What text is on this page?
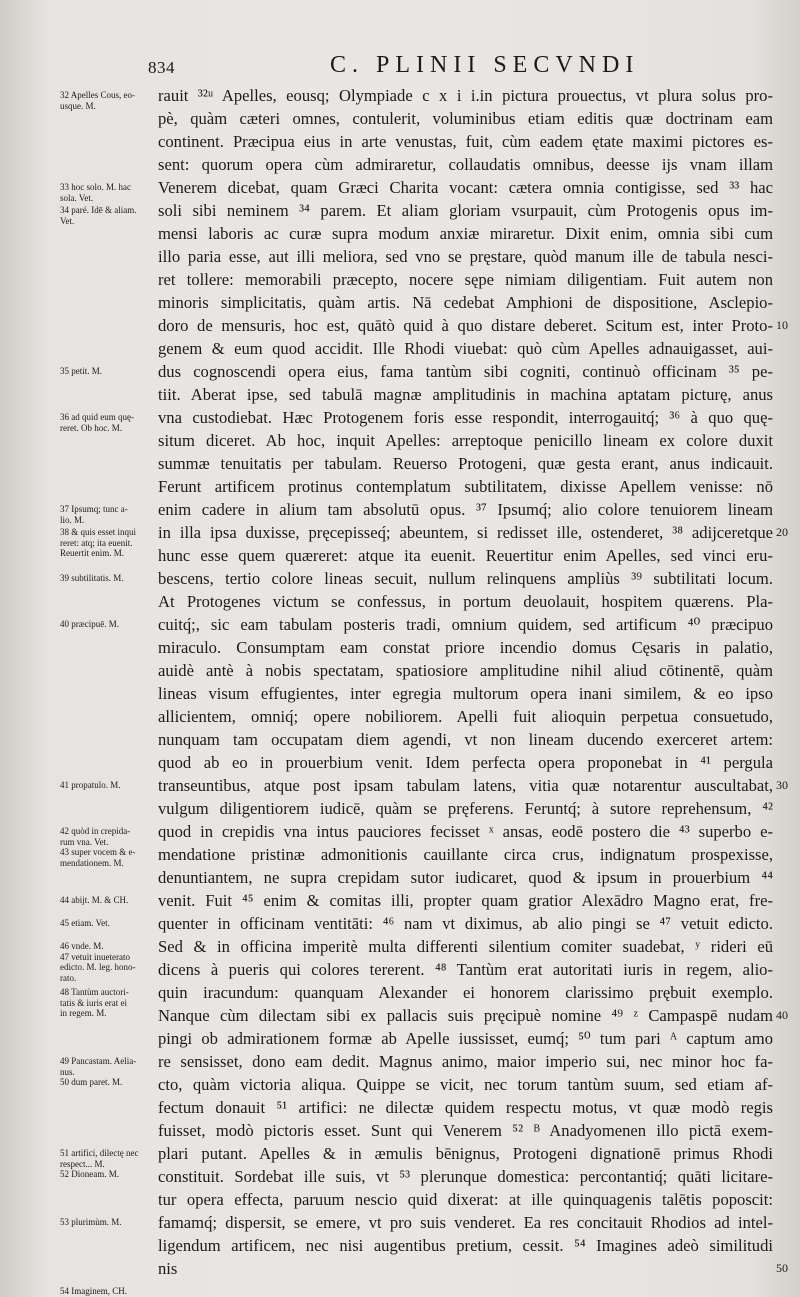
834	C. PLINII SECVNDI
32 Apelles Cous, eo-
usque. M.
33 hoc solo. M. hac
sola. Vet.
34 paré. Idē & aliam.
Vet.
35 petit. M.
36 ad quid eum quę-
reret. Ob hoc. M.
37 Ipsumq; tunc a-
lio. M.
38 & quis esset inqui
reret: atq; ita euenit.
Reuertit enim. M.
39 subtilitatis. M.
40 præcipuē. M.
41 propatulo. M.
42 quòd in crepida-
rum vna. Vet.
43 super vocem & e-
mendationem. M.
44 abijt. M. & CH.
45 etiam. Vet.
46 vnde. M.
47 vetuit inueterato
edicto. M. leg. hono-
rato.
48 Tantùm auctori-
tatis & iuris erat ei
in regem. M.
49 Pancastam. Aelia-
nus.
50 dum paret. M.
51 artifici, dilectę nec
respect... M.
52 Dioneam. M.
53 plurimùm. M.
54 Imaginem, CH.
rauit ³²ᵘ Apelles, eousq; Olympiade c x i i.in pictura prouectus, vt plura solus pro-
pè, quàm cæteri omnes, contulerit, voluminibus etiam editis quæ doctrinam eam
continent. Præcipua eius in arte venustas, fuit, cùm eadem ętate maximi pictores es-
sent: quorum opera cùm admiraretur, collaudatis omnibus, deesse ijs vnam illam
Venerem dicebat, quam Græci Charita vocant: cætera omnia contigisse, sed ³³ hac
soli sibi neminem ³⁴ parem. Et aliam gloriam vsurpauit, cùm Protogenis opus im-
mensi laboris ac curæ supra modum anxiæ miraretur. Dixit enim, omnia sibi cum
illo paria esse, aut illi meliora, sed vno se pręstare, quòd manum ille de tabula nesci-
ret tollere: memorabili præcepto, nocere sępe nimiam diligentiam. Fuit autem non
minoris simplicitatis, quàm artis. Nā cedebat Amphioni de dispositione, Asclepio-
doro de mensuris, hoc est, quātò quid à quo distare deberet. Scitum est, inter Proto-
genem & eum quod accidit. Ille Rhodi viuebat: quò cùm Apelles adnauigasset, aui-
dus cognoscendi opera eius, fama tantùm sibi cogniti, continuò officinam ³⁵ pe-
tiit. Aberat ipse, sed tabulā magnæ amplitudinis in machina aptatam picturę, anus
vna custodiebat. Hæc Protogenem foris esse respondit, interrogauitq́; ³⁶ à quo quę-
situm diceret. Ab hoc, inquit Apelles: arreptoque penicillo lineam ex colore duxit
summæ tenuitatis per tabulam. Reuerso Protogeni, quæ gesta erant, anus indicauit.
Ferunt artificem protinus contemplatum subtilitatem, dixisse Apellem venisse: nō
enim cadere in alium tam absolutū opus. ³⁷ Ipsumq́; alio colore tenuiorem lineam
in illa ipsa duxisse, pręcepisseq́; abeuntem, si redisset ille, ostenderet, ³⁸ adijceretque
hunc esse quem quæreret: atque ita euenit. Reuertitur enim Apelles, sed vinci eru-
bescens, tertio colore lineas secuit, nullum relinquens ampliùs ³⁹ subtilitati locum.
At Protogenes victum se confessus, in portum deuolauit, hospitem quærens. Pla-
cuitq́;, sic eam tabulam posteris tradi, omnium quidem, sed artificum ⁴⁰ præcipuo
miraculo. Consumptam eam constat priore incendio domus Cęsaris in palatio,
auidè antè à nobis spectatam, spatiosiore amplitudine nihil aliud cōtinentē, quàm
lineas visum effugientes, inter egregia multorum opera inani similem, & eo ipso
allicientem, omniq́; opere nobiliorem. Apelli fuit alioquin perpetua consuetudo,
nunquam tam occupatam diem agendi, vt non lineam ducendo exerceret artem:
quod ab eo in prouerbium venit. Idem perfecta opera proponebat in ⁴¹ pergula
transeuntibus, atque post ipsam tabulam latens, vitia quæ notarentur auscultabat,
vulgum diligentiorem iudicē, quàm se pręferens. Feruntq́; à sutore reprehensum, ⁴²
quod in crepidis vna intus pauciores fecisset ˣ ansas, eodē postero die ⁴³ superbo e-
mendatione pristinæ admonitionis cauillante circa crus, indignatum prospexisse,
denuntiantem, ne supra crepidam sutor iudicaret, quod & ipsum in prouerbium ⁴⁴
venit. Fuit ⁴⁵ enim & comitas illi, propter quam gratior Alexādro Magno erat, fre-
quenter in officinam ventitāti: ⁴⁶ nam vt diximus, ab alio pingi se ⁴⁷ vetuit edicto.
Sed & in officina imperitè multa differenti silentium comiter suadebat, ʸ rideri eū
dicens à pueris qui colores tererent. ⁴⁸ Tantùm erat autoritati iuris in regem, alio-
quin iracundum: quanquam Alexander ei honorem clarissimo prębuit exemplo.
Nanque cùm dilectam sibi ex pallacis suis pręcipuè nomine ⁴⁹ ᶻ Campaspē nudam
pingi ob admirationem formæ ab Apelle iussisset, eumq́; ⁵⁰ tum pari ᴬ captum amo
re sensisset, dono eam dedit. Magnus animo, maior imperio sui, nec minor hoc fa-
cto, quàm victoria aliqua. Quippe se vicit, nec torum tantùm suum, sed etiam af-
fectum donauit ⁵¹ artifici: ne dilectæ quidem respectu motus, vt quæ modò regis
fuisset, modò pictoris esset. Sunt qui Venerem ⁵² ᴮ Anadyomenen illo pictā exem-
plari putant. Apelles & in æmulis bēnignus, Protogeni dignationē primus Rhodi
constituit. Sordebat ille suis, vt ⁵³ plerunque domestica: percontantiq́; quāti licitare-
tur opera effecta, paruum nescio quid dixerat: at ille quinquagenis talētis poposcit:
famamq́; dispersit, se emere, vt pro suis venderet. Ea res concitauit Rhodios ad intel-
ligendum artificem, nec nisi augentibus pretium, cessit. ⁵⁴ Imagines adeò similitudi
nis
10
20
30
40
50
